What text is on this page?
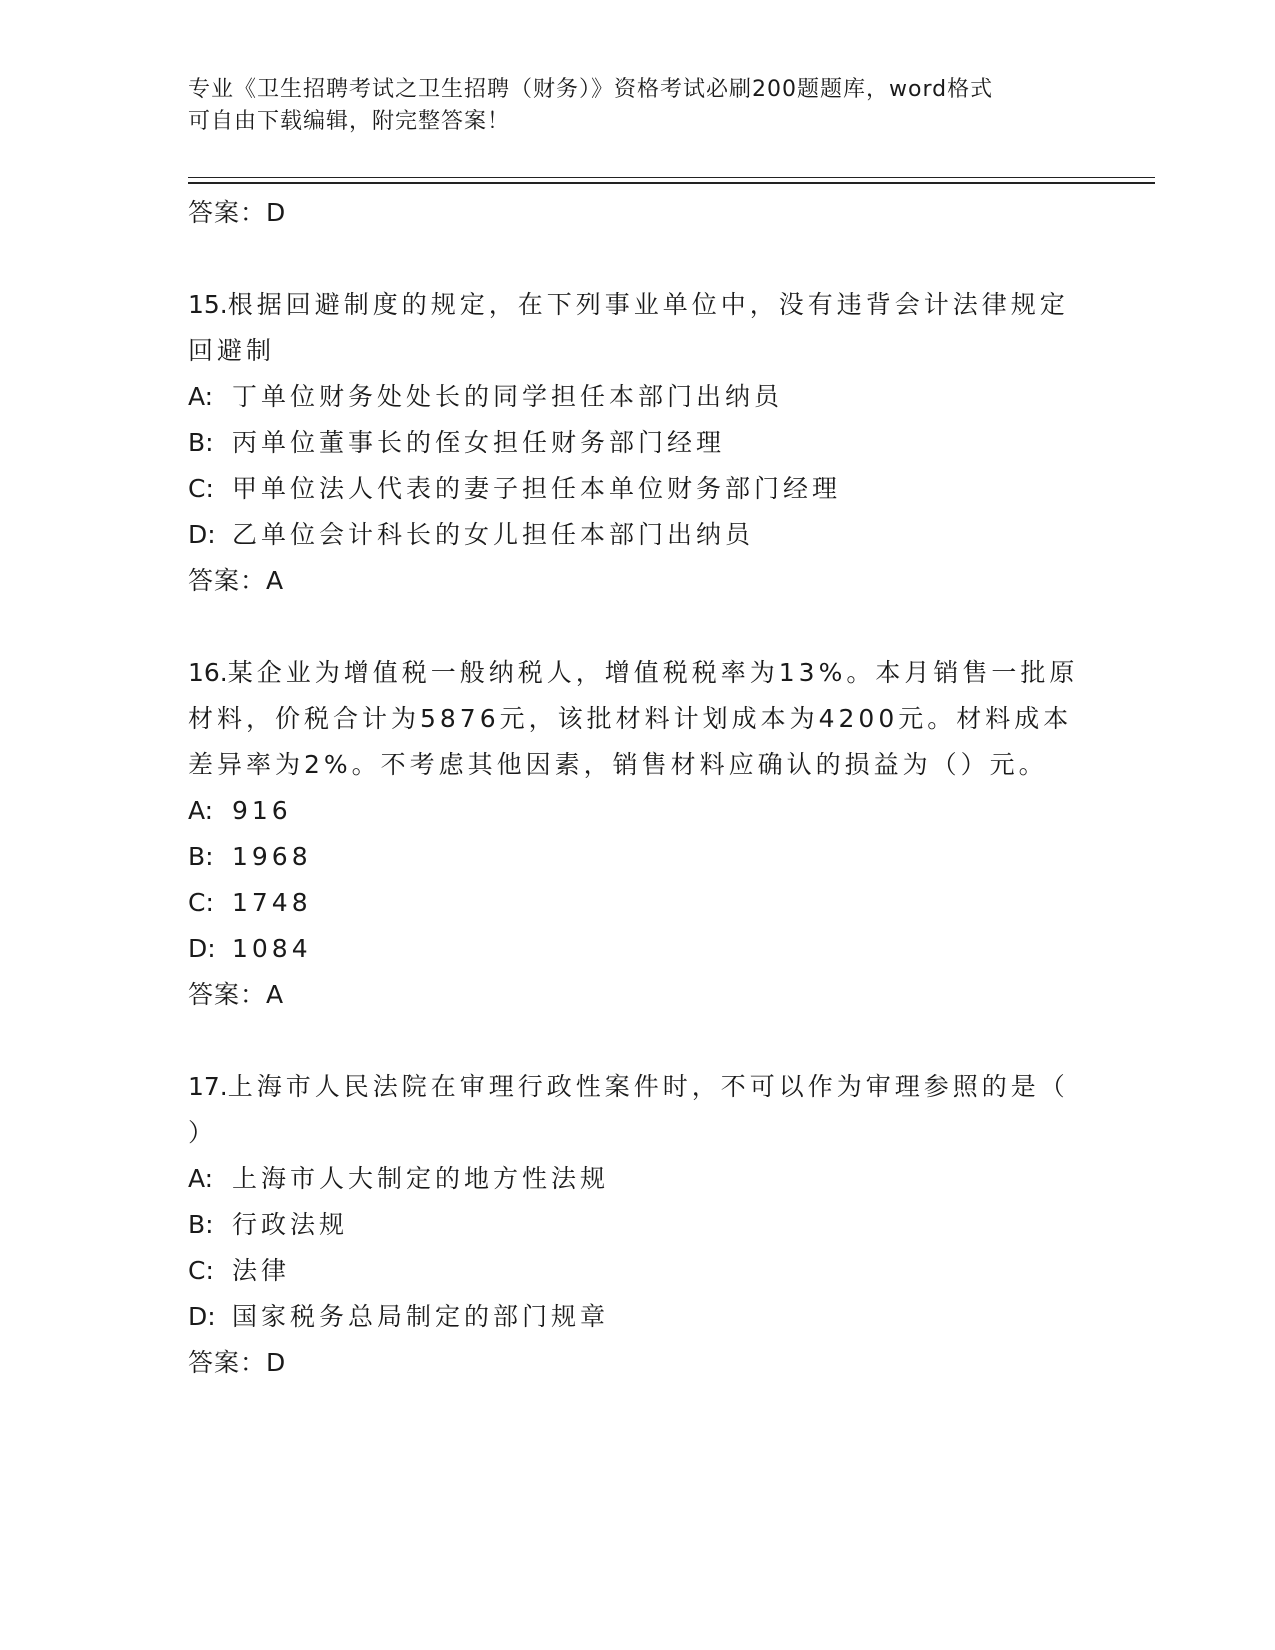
专业《卫生招聘考试之卫生招聘（财务）》资格考试必刷200题题库，word格式
可自由下载编辑，附完整答案！
答案：D
15.根据回避制度的规定，在下列事业单位中，没有违背会计法律规定
回避制
A: 丁单位财务处处长的同学担任本部门出纳员
B: 丙单位董事长的侄女担任财务部门经理
C: 甲单位法人代表的妻子担任本单位财务部门经理
D: 乙单位会计科长的女儿担任本部门出纳员
答案：A
16.某企业为增值税一般纳税人，增值税税率为13%。本月销售一批原
材料，价税合计为5876元，该批材料计划成本为4200元。材料成本
差异率为2%。不考虑其他因素，销售材料应确认的损益为（）元。
A: 916
B: 1968
C: 1748
D: 1084
答案：A
17.上海市人民法院在审理行政性案件时，不可以作为审理参照的是（
）
A: 上海市人大制定的地方性法规
B: 行政法规
C: 法律
D: 国家税务总局制定的部门规章
答案：D
